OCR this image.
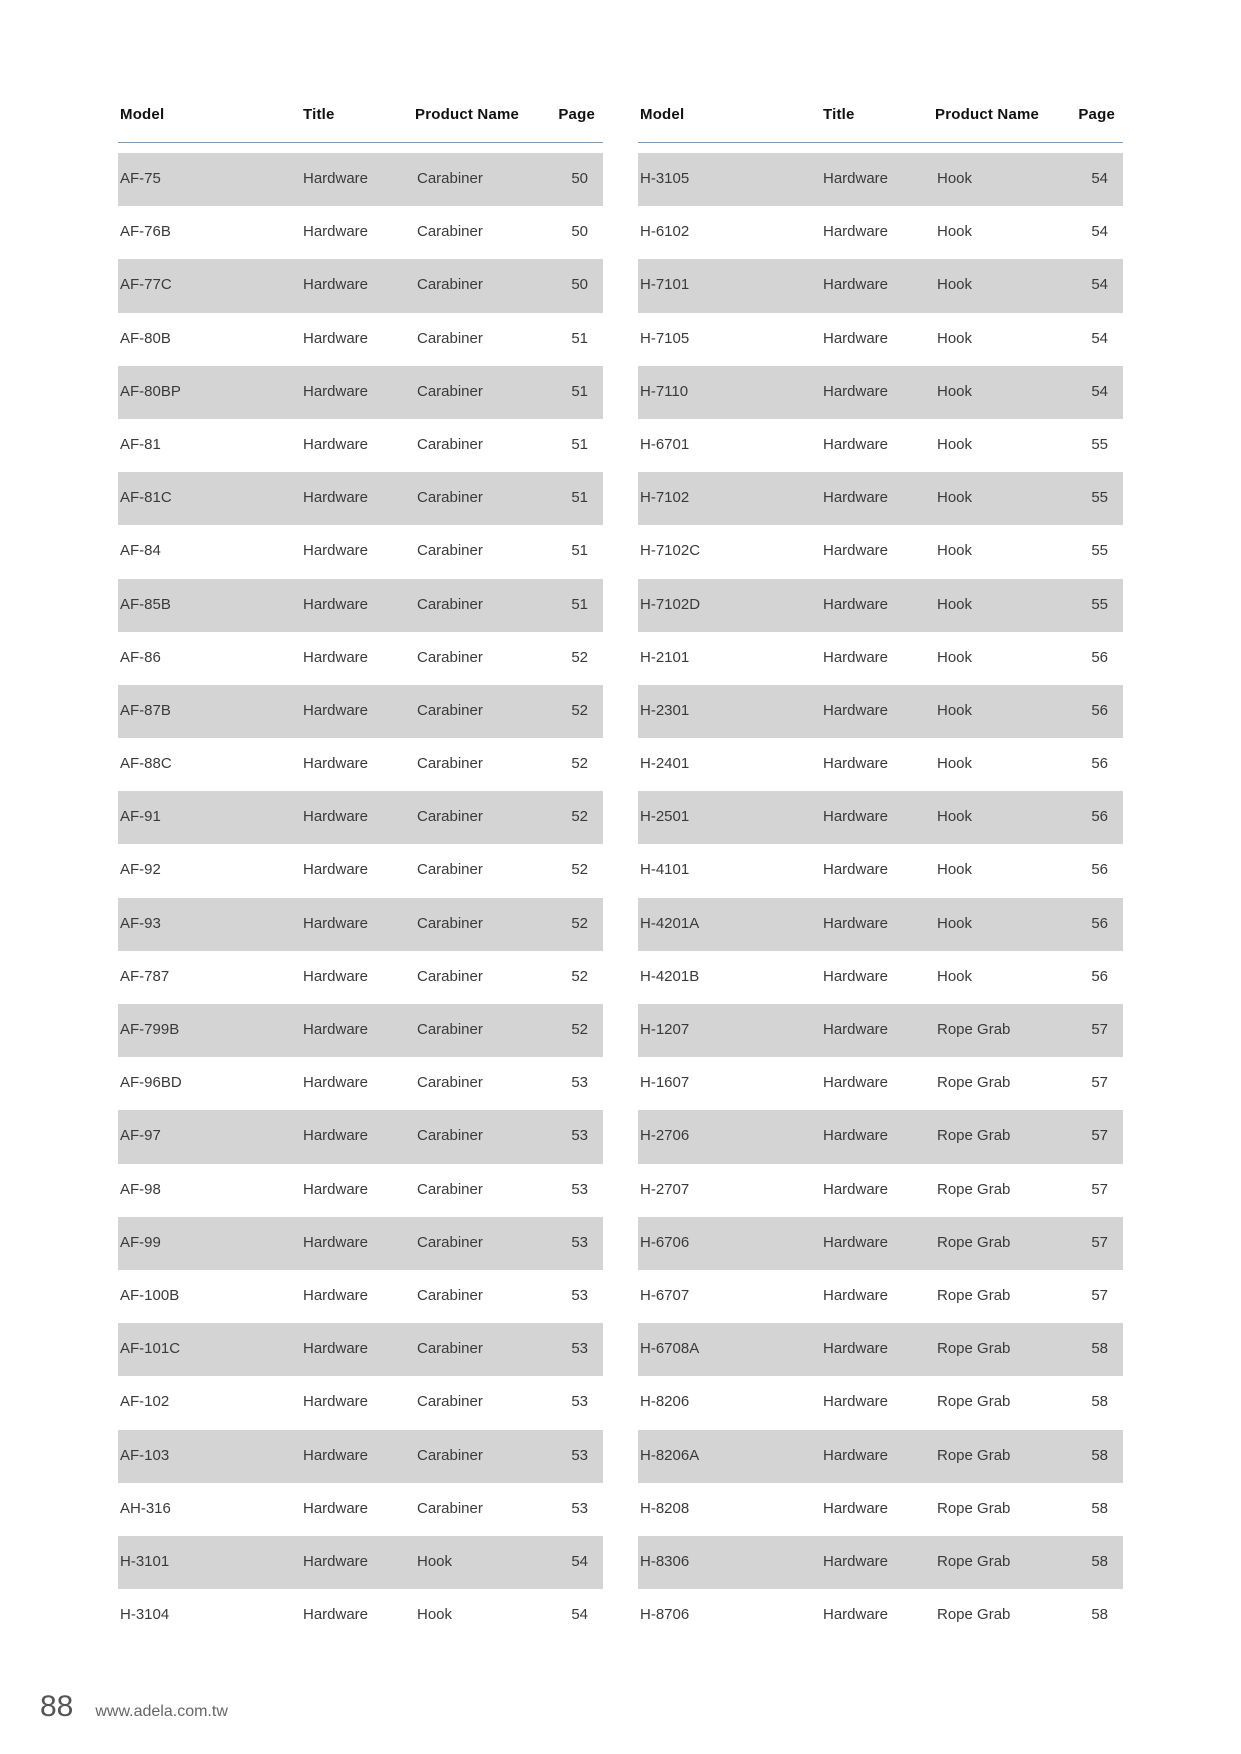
Model	Title	Product Name	Page
AF-75	Hardware	Carabiner	50
AF-76B	Hardware	Carabiner	50
AF-77C	Hardware	Carabiner	50
AF-80B	Hardware	Carabiner	51
AF-80BP	Hardware	Carabiner	51
AF-81	Hardware	Carabiner	51
AF-81C	Hardware	Carabiner	51
AF-84	Hardware	Carabiner	51
AF-85B	Hardware	Carabiner	51
AF-86	Hardware	Carabiner	52
AF-87B	Hardware	Carabiner	52
AF-88C	Hardware	Carabiner	52
AF-91	Hardware	Carabiner	52
AF-92	Hardware	Carabiner	52
AF-93	Hardware	Carabiner	52
AF-787	Hardware	Carabiner	52
AF-799B	Hardware	Carabiner	52
AF-96BD	Hardware	Carabiner	53
AF-97	Hardware	Carabiner	53
AF-98	Hardware	Carabiner	53
AF-99	Hardware	Carabiner	53
AF-100B	Hardware	Carabiner	53
AF-101C	Hardware	Carabiner	53
AF-102	Hardware	Carabiner	53
AF-103	Hardware	Carabiner	53
AH-316	Hardware	Carabiner	53
H-3101	Hardware	Hook	54
H-3104	Hardware	Hook	54
Model	Title	Product Name	Page
H-3105	Hardware	Hook	54
H-6102	Hardware	Hook	54
H-7101	Hardware	Hook	54
H-7105	Hardware	Hook	54
H-7110	Hardware	Hook	54
H-6701	Hardware	Hook	55
H-7102	Hardware	Hook	55
H-7102C	Hardware	Hook	55
H-7102D	Hardware	Hook	55
H-2101	Hardware	Hook	56
H-2301	Hardware	Hook	56
H-2401	Hardware	Hook	56
H-2501	Hardware	Hook	56
H-4101	Hardware	Hook	56
H-4201A	Hardware	Hook	56
H-4201B	Hardware	Hook	56
H-1207	Hardware	Rope Grab	57
H-1607	Hardware	Rope Grab	57
H-2706	Hardware	Rope Grab	57
H-2707	Hardware	Rope Grab	57
H-6706	Hardware	Rope Grab	57
H-6707	Hardware	Rope Grab	57
H-6708A	Hardware	Rope Grab	58
H-8206	Hardware	Rope Grab	58
H-8206A	Hardware	Rope Grab	58
H-8208	Hardware	Rope Grab	58
H-8306	Hardware	Rope Grab	58
H-8706	Hardware	Rope Grab	58
88 www.adela.com.tw
